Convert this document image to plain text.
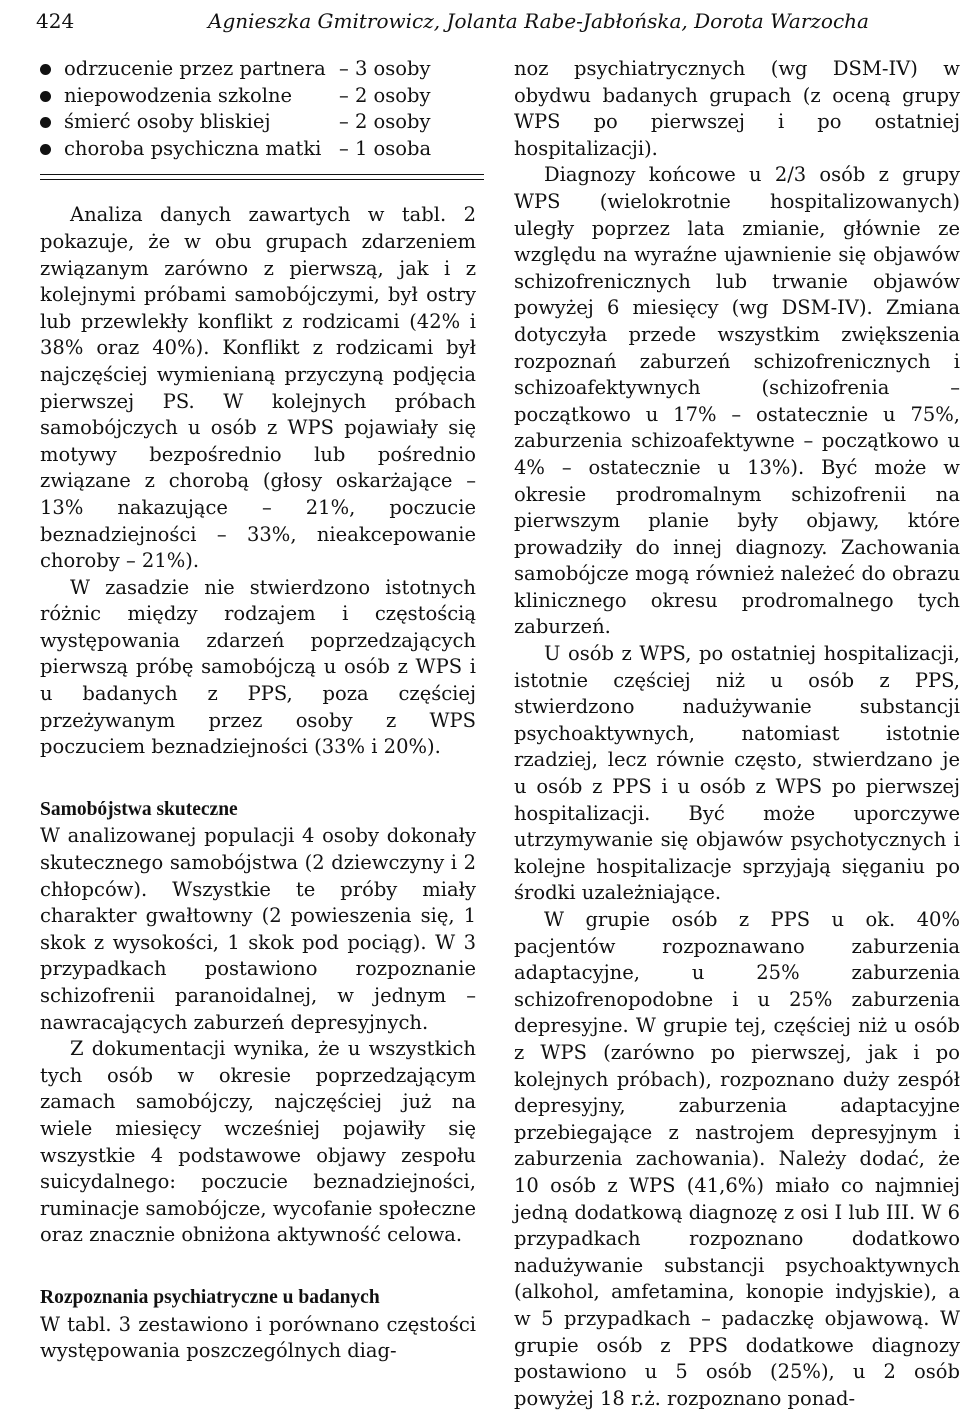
424	Agnieszka Gmitrowicz, Jolanta Rabe-Jabłońska, Dorota Warzocha
odrzucenie przez partnera – 3 osoby
niepowodzenia szkolne – 2 osoby
śmierć osoby bliskiej	– 2 osoby
choroba psychiczna matki – 1 osoba

Analiza danych zawartych w tabl. 2 pokazuje, że w obu grupach zdarzeniem związanym zarówno z pierwszą, jak i z kolejnymi próbami samobójczymi, był ostry lub przewlekły konflikt z rodzicami (42% i 38% oraz 40%). Konflikt z rodzicami był najczęściej wymienianą przyczyną podjęcia pierwszej PS. W kolejnych próbach samobójczych u osób z WPS pojawiały się motywy bezpośrednio lub pośrednio związane z chorobą (głosy oskarżające – 13% nakazujące – 21%, poczucie beznadziejności – 33%, nieakcepowanie choroby – 21%).

W zasadzie nie stwierdzono istotnych różnic między rodzajem i częstością występowania zdarzeń poprzedzających pierwszą próbę samobójczą u osób z WPS i u badanych z PPS, poza częściej przeżywanym przez osoby z WPS poczuciem beznadziejności (33% i 20%).

Samobójstwa skuteczne

W analizowanej populacji 4 osoby dokonały skutecznego samobójstwa (2 dziewczyny i 2 chłopców). Wszystkie te próby miały charakter gwałtowny (2 powieszenia się, 1 skok z wysokości, 1 skok pod pociąg). W 3 przypadkach postawiono rozpoznanie schizofrenii paranoidalnej, w jednym – nawracających zaburzeń depresyjnych.

Z dokumentacji wynika, że u wszystkich tych osób w okresie poprzedzającym zamach samobójczy, najczęściej już na wiele miesięcy wcześniej pojawiły się wszystkie 4 podstawowe objawy zespołu suicydalnego: poczucie beznadziejności, ruminacje samobójcze, wycofanie społeczne oraz znacznie obniżona aktywność celowa.

Rozpoznania psychiatryczne u badanych

W tabl. 3 zestawiono i porównano częstości występowania poszczególnych diag-

noz psychiatrycznych (wg DSM-IV) w obydwu badanych grupach (z oceną grupy WPS po pierwszej i po ostatniej hospitalizacji).

Diagnozy końcowe u 2/3 osób z grupy WPS (wielokrotnie hospitalizowanych) uległy poprzez lata zmianie, głównie ze względu na wyraźne ujawnienie się objawów schizofrenicznych lub trwanie objawów powyżej 6 miesięcy (wg DSM-IV). Zmiana dotyczyła przede wszystkim zwiększenia rozpoznań zaburzeń schizofrenicznych i schizoafektywnych (schizofrenia – początkowo u 17% – ostatecznie u 75%, zaburzenia schizoafektywne – początkowo u 4% – ostatecznie u 13%). Być może w okresie prodromalnym schizofrenii na pierwszym planie były objawy, które prowadziły do innej diagnozy. Zachowania samobójcze mogą również należeć do obrazu klinicznego okresu prodromalnego tych zaburzeń.

U osób z WPS, po ostatniej hospitalizacji, istotnie częściej niż u osób z PPS, stwierdzono nadużywanie substancji psychoaktywnych, natomiast istotnie rzadziej, lecz równie często, stwierdzano je u osób z PPS i u osób z WPS po pierwszej hospitalizacji. Być może uporczywe utrzymywanie się objawów psychotycznych i kolejne hospitalizacje sprzyjają sięganiu po środki uzależniające.

W grupie osób z PPS u ok. 40% pacjentów rozpoznawano zaburzenia adaptacyjne, u 25% zaburzenia schizofrenopodobne i u 25% zaburzenia depresyjne. W grupie tej, częściej niż u osób z WPS (zarówno po pierwszej, jak i po kolejnych próbach), rozpoznano duży zespół depresyjny, zaburzenia adaptacyjne przebiegające z nastrojem depresyjnym i zaburzenia zachowania). Należy dodać, że 10 osób z WPS (41,6%) miało co najmniej jedną dodatkową diagnozę z osi I lub III. W 6 przypadkach rozpoznano dodatkowo nadużywanie substancji psychoaktywnych (alkohol, amfetamina, konopie indyjskie), a w 5 przypadkach – padaczkę objawową. W grupie osób z PPS dodatkowe diagnozy postawiono u 5 osób (25%), u 2 osób powyżej 18 r.ż. rozpoznano ponad-
